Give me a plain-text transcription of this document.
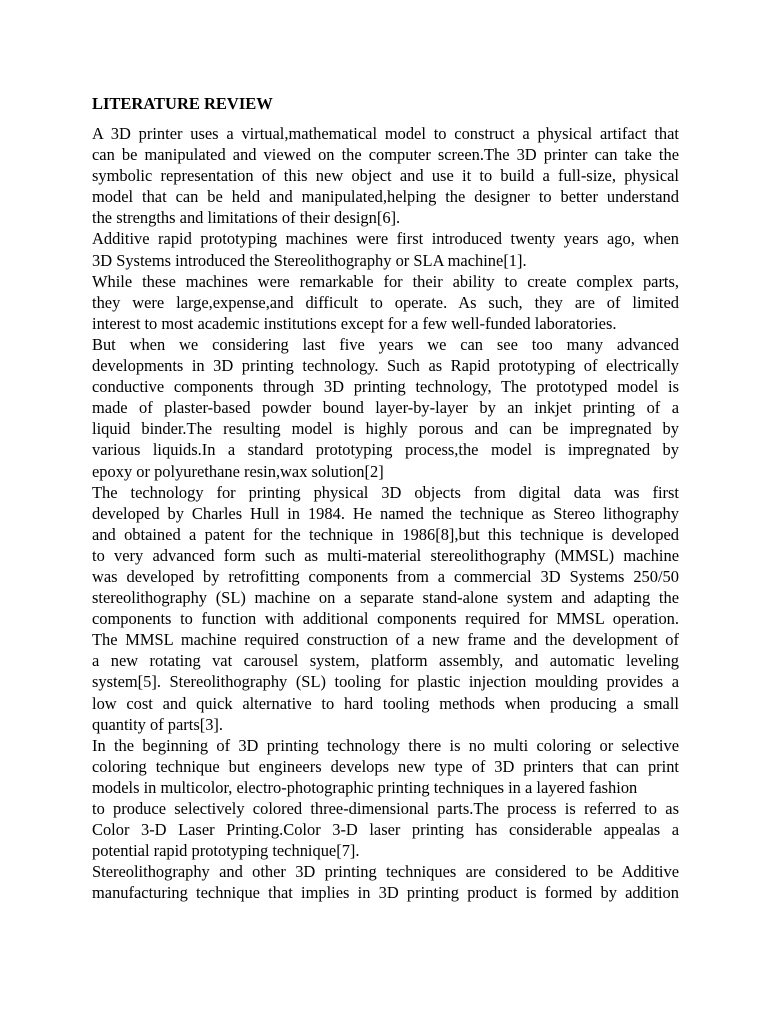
LITERATURE REVIEW
A 3D printer uses a virtual,mathematical model to construct a physical artifact that
can be manipulated and viewed on the computer screen.The 3D printer can take the
symbolic representation of this new object and use it to build a full-size, physical
model that can be held and manipulated,helping the designer to better understand
the strengths and limitations of their design[6].
Additive rapid prototyping machines were first introduced twenty years ago, when
3D Systems introduced the Stereolithography or SLA machine[1].
While these machines were remarkable for their ability to create complex parts,
they were large,expense,and difficult to operate. As such, they are of limited
interest to most academic institutions except for a few well-funded laboratories.
But when we considering last five years we can see too many advanced
developments in 3D printing technology. Such as Rapid prototyping of electrically
conductive components through 3D printing technology, The prototyped model is
made of plaster-based powder bound layer-by-layer by an inkjet printing of a
liquid binder.The resulting model is highly porous and can be impregnated by
various liquids.In a standard prototyping process,the model is impregnated by
epoxy or polyurethane resin,wax solution[2]
The technology for printing physical 3D objects from digital data was first
developed by Charles Hull in 1984. He named the technique as Stereo lithography
and obtained a patent for the technique in 1986[8],but this technique is developed
to very advanced form such as multi-material stereolithography (MMSL) machine
was developed by retrofitting components from a commercial 3D Systems 250/50
stereolithography (SL) machine on a separate stand-alone system and adapting the
components to function with additional components required for MMSL operation.
The MMSL machine required construction of a new frame and the development of
a new rotating vat carousel system, platform assembly, and automatic leveling
system[5]. Stereolithography (SL) tooling for plastic injection moulding provides a
low cost and quick alternative to hard tooling methods when producing a small
quantity of parts[3].
In the beginning of 3D printing technology there is no multi coloring or selective
coloring technique but engineers develops new type of 3D printers that can print
models in multicolor, electro-photographic printing techniques in a layered fashion
to produce selectively colored three-dimensional parts.The process is referred to as
Color 3-D Laser Printing.Color 3-D laser printing has considerable appealas a
potential rapid prototyping technique[7].
Stereolithography and other 3D printing techniques are considered to be Additive
manufacturing technique that implies in 3D printing product is formed by addition
